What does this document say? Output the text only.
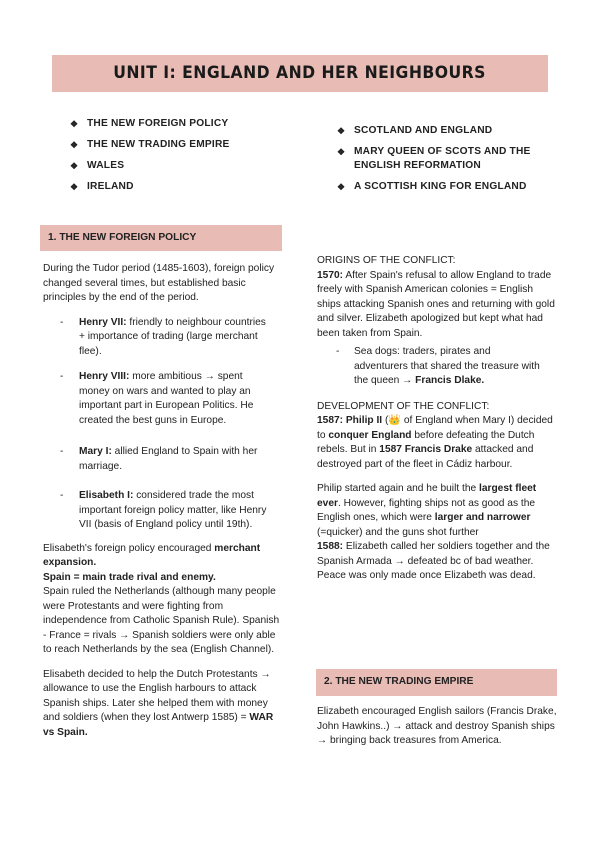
UNIT I: ENGLAND AND HER NEIGHBOURS
❖ THE NEW FOREIGN POLICY
❖ THE NEW TRADING EMPIRE
❖ WALES
❖ IRELAND
❖ SCOTLAND AND ENGLAND
❖ MARY QUEEN OF SCOTS AND THE ENGLISH REFORMATION
❖ A SCOTTISH KING FOR ENGLAND
1. THE NEW FOREIGN POLICY

During the Tudor period (1485-1603), foreign policy changed several times, but established basic principles by the end of the period.

- Henry VII: friendly to neighbour countries + importance of trading (large merchant flee).
- Henry VIII: more ambitious → spent money on wars and wanted to play an important part in European Politics. He created the best guns in Europe.
- Mary I: allied England to Spain with her marriage.
- Elisabeth I: considered trade the most important foreign policy matter, like Henry VII (basis of England policy until 19th).

Elisabeth's foreign policy encouraged merchant expansion.
Spain = main trade rival and enemy.
Spain ruled the Netherlands (although many people were Protestants and were fighting from independence from Catholic Spanish Rule). Spanish - France = rivals → Spanish soldiers were only able to reach Netherlands by the sea (English Channel).

Elisabeth decided to help the Dutch Protestants → allowance to use the English harbours to attack Spanish ships. Later she helped them with money and soldiers (when they lost Antwerp 1585) = WAR vs Spain.

ORIGINS OF THE CONFLICT:

1570: After Spain's refusal to allow England to trade freely with Spanish American colonies = English ships attacking Spanish ones and returning with gold and silver. Elizabeth apologized but kept what had been taken from Spain.

- Sea dogs: traders, pirates and adventurers that shared the treasure with the queen → Francis Dlake.

DEVELOPMENT OF THE CONFLICT:

1587: Philip II (👑 of England when Mary I) decided to conquer England before defeating the Dutch rebels. But in 1587 Francis Drake attacked and destroyed part of the fleet in Cádiz harbour.

Philip started again and he built the largest fleet ever. However, fighting ships not as good as the English ones, which were larger and narrower (=quicker) and the guns shot further
1588: Elizabeth called her soldiers together and the Spanish Armada → defeated bc of bad weather.
Peace was only made once Elizabeth was dead.

2. THE NEW TRADING EMPIRE

Elizabeth encouraged English sailors (Francis Drake, John Hawkins..) → attack and destroy Spanish ships → bringing back treasures from America.
